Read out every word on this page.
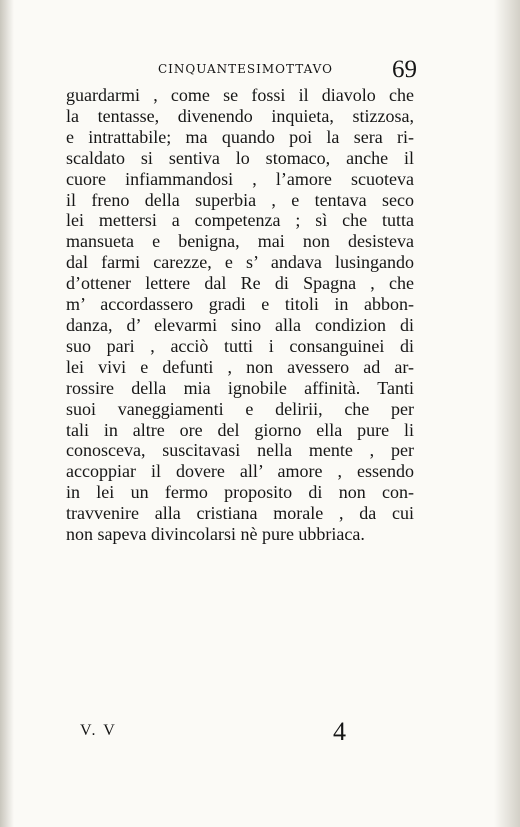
CINQUANTESIMOTTAVO 69
guardarmi , come se fossi il diavolo che
la tentasse, divenendo inquieta, stizzosa,
e intrattabile; ma quando poi la sera ri-
scaldato si sentiva lo stomaco, anche il
cuore infiammandosi , l’amore scuoteva
il freno della superbia , e tentava seco
lei mettersi a competenza ; sì che tutta
mansueta e benigna, mai non desisteva
dal farmi carezze, e s’ andava lusingando
d’ottener lettere dal Re di Spagna , che
m’ accordassero gradi e titoli in abbon-
danza, d’ elevarmi sino alla condizion di
suo pari , acciò tutti i consanguinei di
lei vivi e defunti , non avessero ad ar-
rossire della mia ignobile affinità. Tanti
suoi vaneggiamenti e delirii, che per
tali in altre ore del giorno ella pure li
conosceva, suscitavasi nella mente , per
accoppiar il dovere all’ amore , essendo
in lei un fermo proposito di non con-
travvenire alla cristiana morale , da cui
non sapeva divincolarsi nè pure ubbriaca.
V. V	4
